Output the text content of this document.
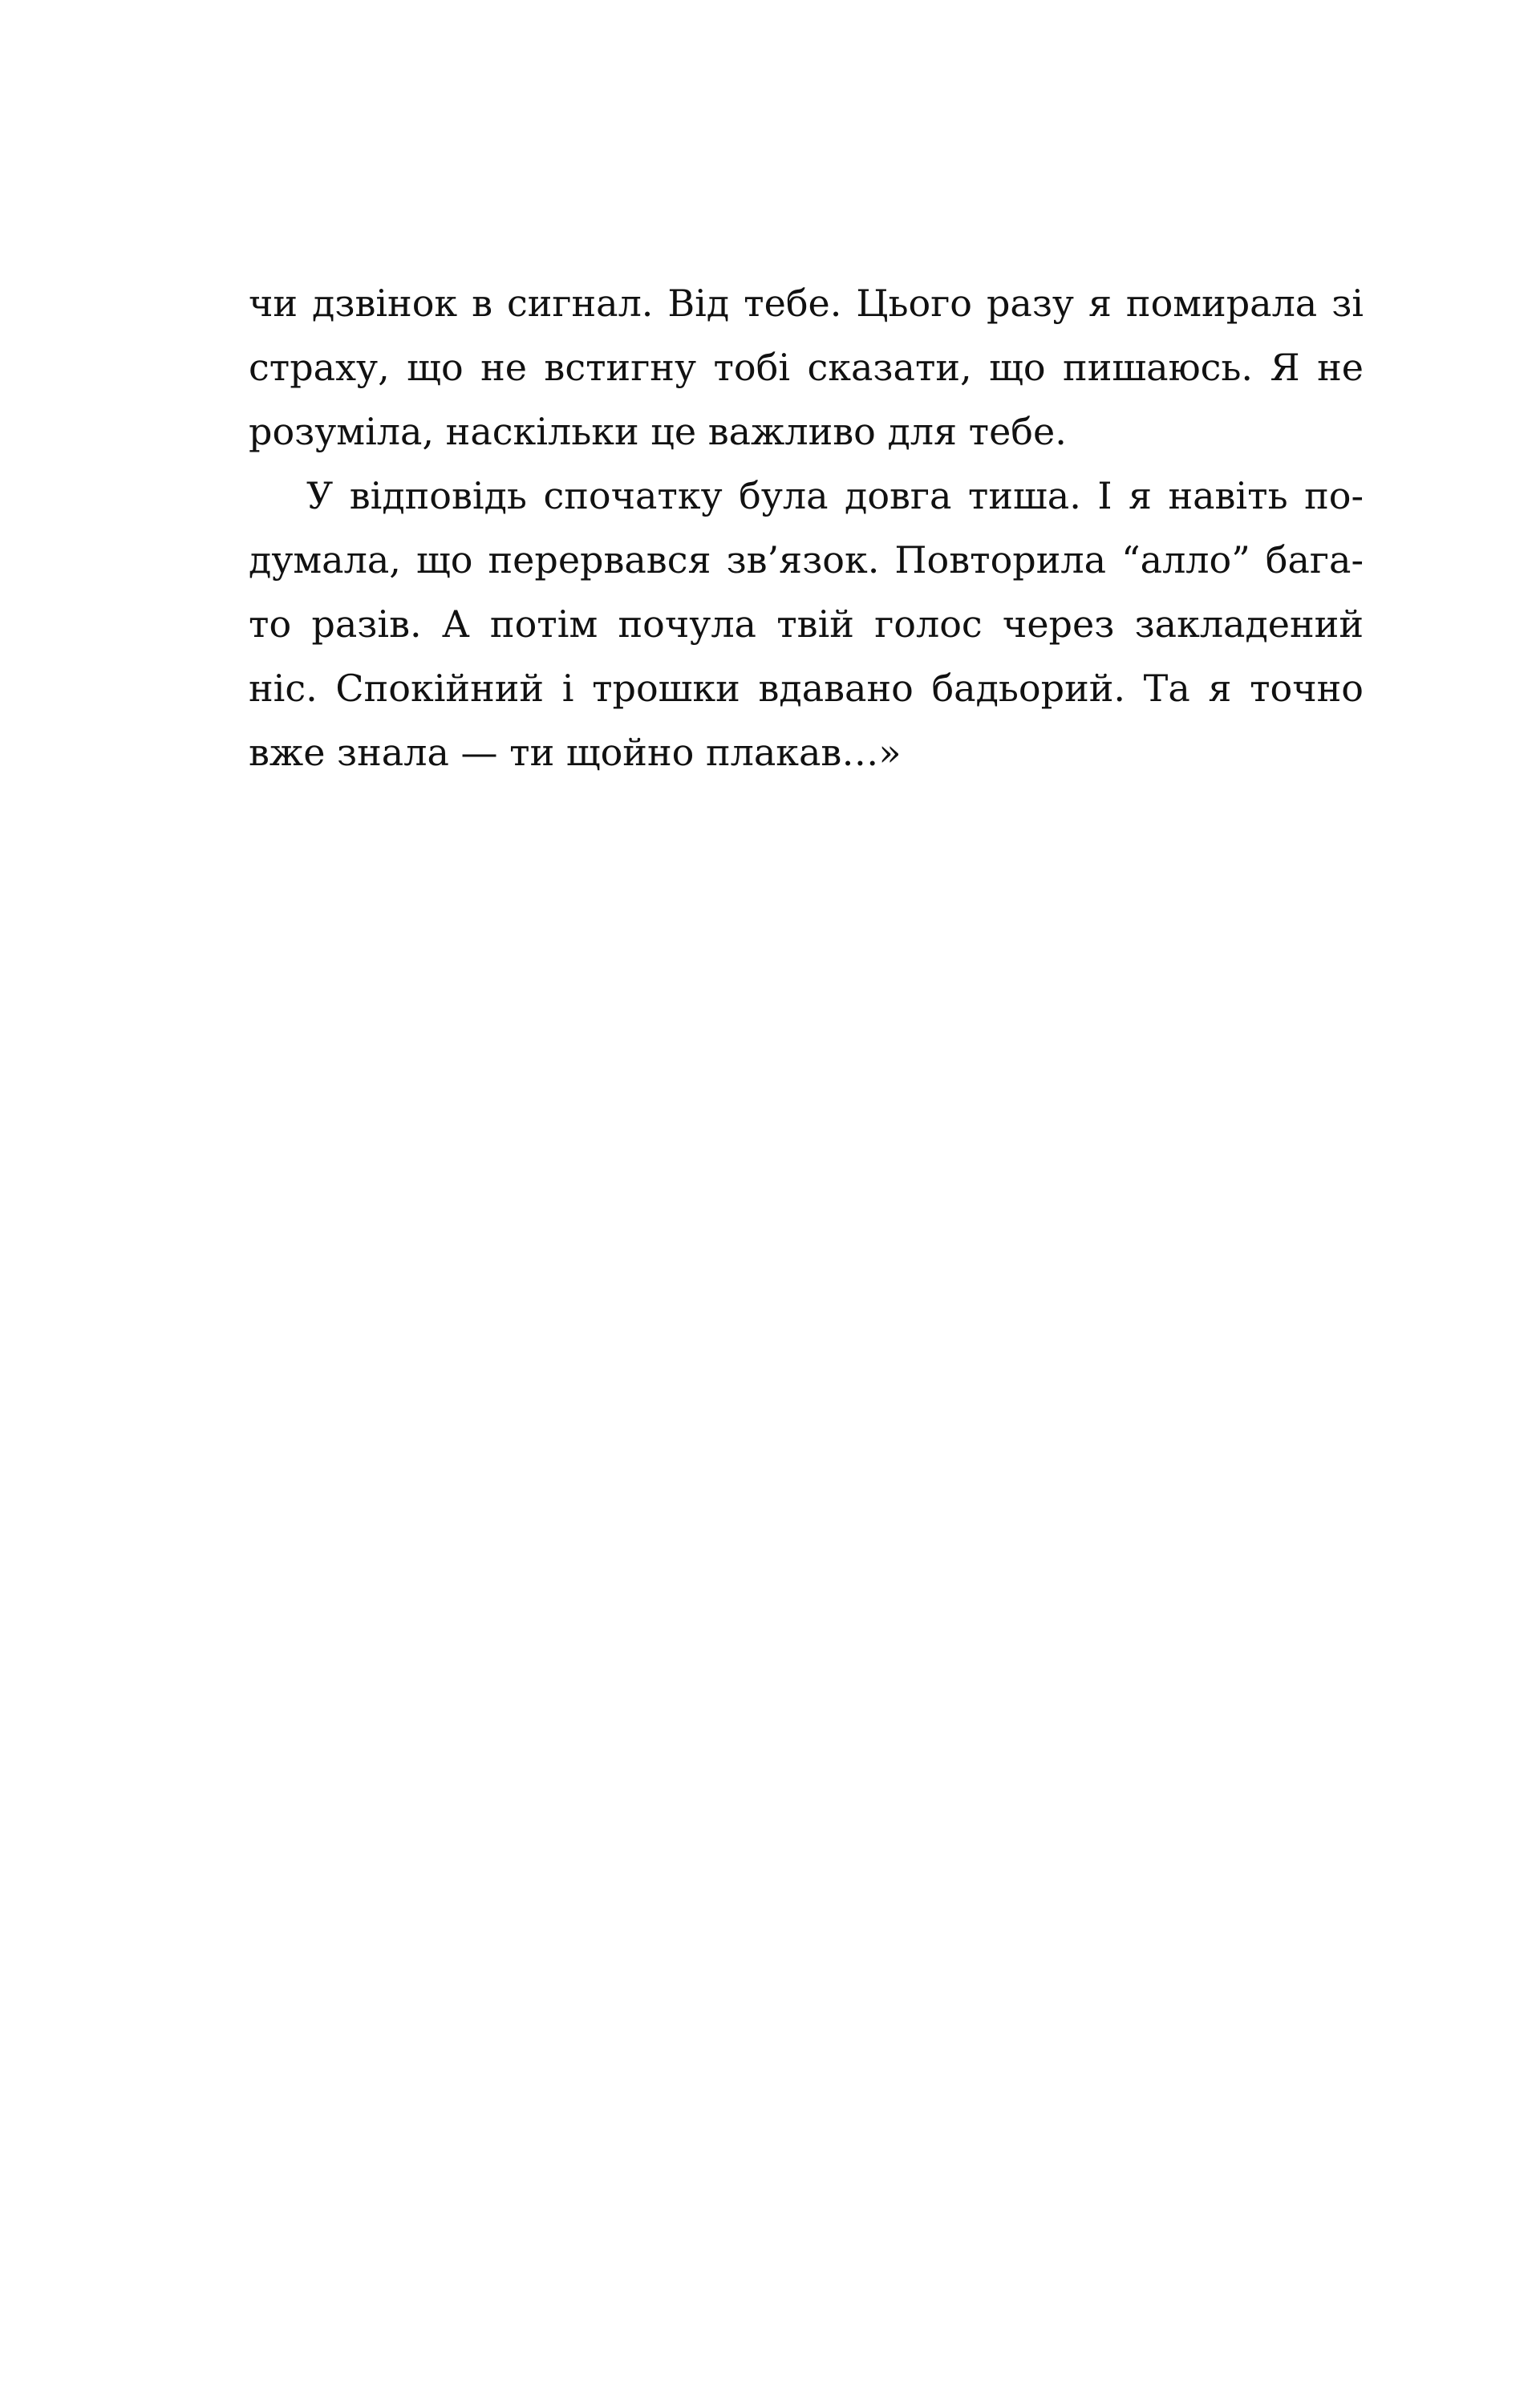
чи дзвінок в сигнал. Від тебе. Цього разу я помирала зі
страху, що не встигну тобі сказати, що пишаюсь. Я не
розуміла, наскільки це важливо для тебе.
У відповідь спочатку була довга тиша. І я навіть по-
думала, що перервався зв’язок. Повторила “алло” бага-
то разів. А потім почула твій голос через закладений
ніс. Спокійний і трошки вдавано бадьорий. Та я точно
вже знала — ти щойно плакав…»
